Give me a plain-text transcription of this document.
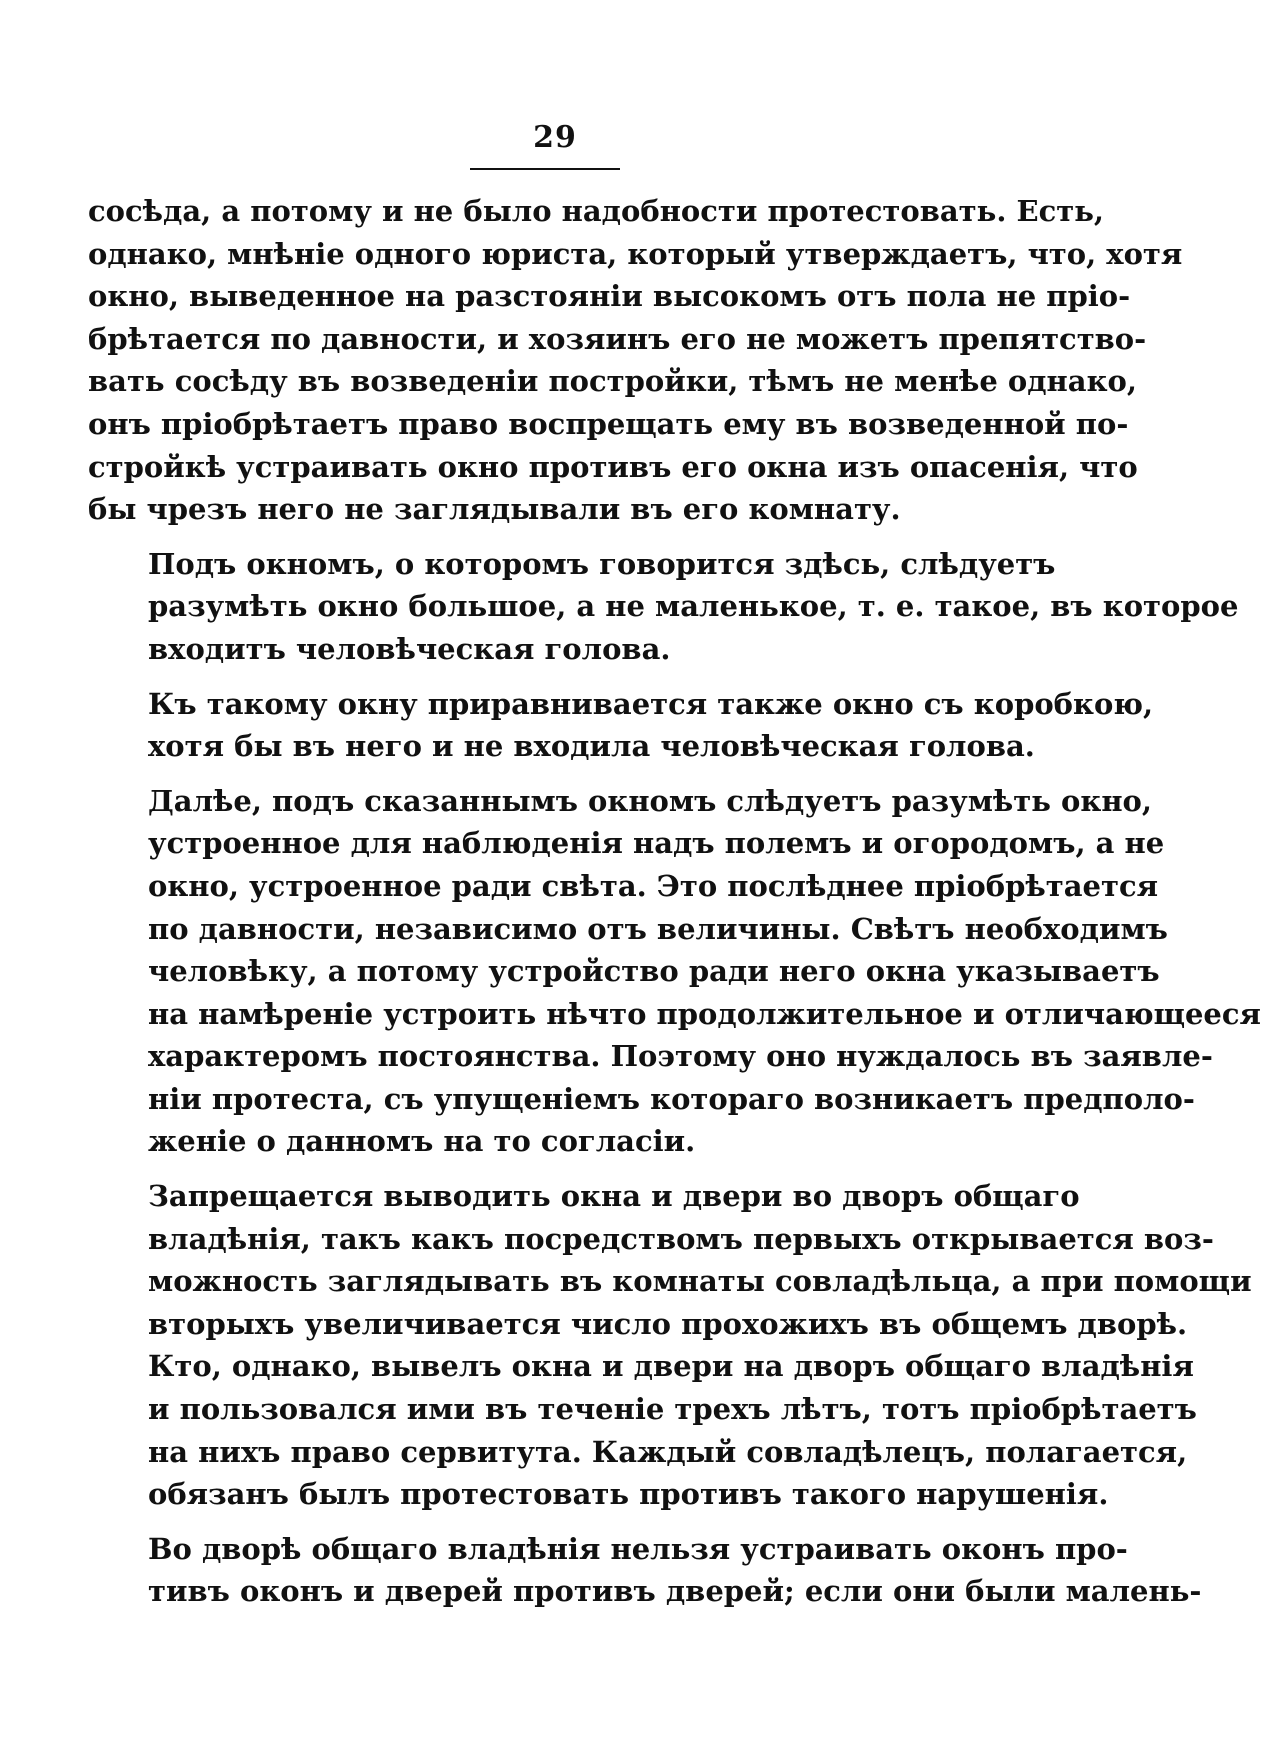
29
сосѣда, а потому и не было надобности протестовать. Есть,
однако, мнѣніе одного юриста, который утверждаетъ, что, хотя
окно, выведенное на разстояніи высокомъ отъ пола не пріо-
брѣтается по давности, и хозяинъ его не можетъ препятство-
вать сосѣду въ возведеніи постройки, тѣмъ не менѣе однако,
онъ пріобрѣтаетъ право воспрещать ему въ возведенной по-
стройкѣ устраивать окно противъ его окна изъ опасенія, что
бы чрезъ него не заглядывали въ его комнату.
Подъ окномъ, о которомъ говорится здѣсь, слѣдуетъ
разумѣть окно большое, а не маленькое, т. е. такое, въ которое
входитъ человѣческая голова.
Къ такому окну приравнивается также окно съ коробкою,
хотя бы въ него и не входила человѣческая голова.
Далѣе, подъ сказаннымъ окномъ слѣдуетъ разумѣть окно,
устроенное для наблюденія надъ полемъ и огородомъ, а не
окно, устроенное ради свѣта. Это послѣднее пріобрѣтается
по давности, независимо отъ величины. Свѣтъ необходимъ
человѣку, а потому устройство ради него окна указываетъ
на намѣреніе устроить нѣчто продолжительное и отличающееся
характеромъ постоянства. Поэтому оно нуждалось въ заявле-
ніи протеста, съ упущеніемъ котораго возникаетъ предполо-
женіе о данномъ на то согласіи.
Запрещается выводить окна и двери во дворъ общаго
владѣнія, такъ какъ посредствомъ первыхъ открывается воз-
можность заглядывать въ комнаты совладѣльца, а при помощи
вторыхъ увеличивается число прохожихъ въ общемъ дворѣ.
Кто, однако, вывелъ окна и двери на дворъ общаго владѣнія
и пользовался ими въ теченіе трехъ лѣтъ, тотъ пріобрѣтаетъ
на нихъ право сервитута. Каждый совладѣлецъ, полагается,
обязанъ былъ протестовать противъ такого нарушенія.
Во дворѣ общаго владѣнія нельзя устраивать оконъ про-
тивъ оконъ и дверей противъ дверей; если они были малень-
